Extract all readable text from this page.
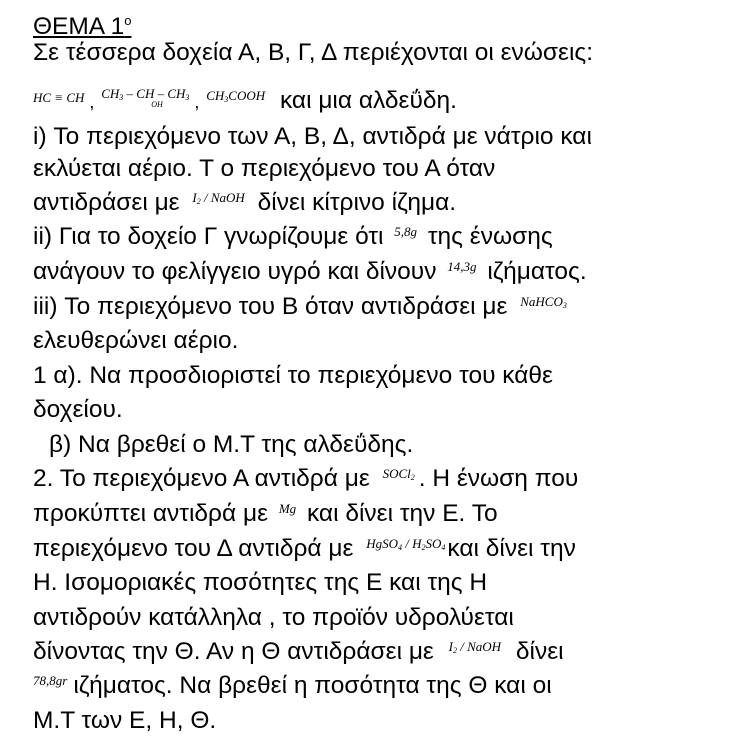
ΘΕΜΑ $1^o$
Σε τέσσερα δοχεία Α, Β, Γ, Δ περιέχονται οι ενώσεις:
HC ≡ CH , $CH_3$ – CH – $CH_3$
OH , $CH_3COOH$ και μια αλδεΰδη.
i) Το περιεχόμενο των Α, Β, Δ, αντιδρά με νάτριο και
εκλύεται αέριο. Τ ο περιεχόμενο του Α όταν
αντιδράσει με $I_2$ / NaOH δίνει κίτρινο ίζημα.
ii) Για το δοχείο Γ γνωρίζουμε ότι 5,8g της ένωσης
ανάγουν το φελίγγειο υγρό και δίνουν 14,3g ιζήματος.
iii) Το περιεχόμενο του Β όταν αντιδράσει με NaHCO$_3$
ελευθερώνει αέριο.
1 α). Να προσδιοριστεί το περιεχόμενο του κάθε
δοχείου.
β) Να βρεθεί ο Μ.Τ της αλδεΰδης.
2. Το περιεχόμενο Α αντιδρά με SOCl$_2$ . Η ένωση που
προκύπτει αντιδρά με Mg και δίνει την Ε. Το
περιεχόμενο του Δ αντιδρά με HgSO$_4$ / $H_2SO_4\kappa\alpha\iota$ δίνει την
Η. Ισομοριακές ποσότητες της Ε και της Η
αντιδρούν κατάλληλα , το προϊόν υδρολύεται
δίνοντας την Θ. Αν η Θ αντιδράσει με $I_2$ / NaOH δίνει
78,8gr ιζήματος. Να βρεθεί η ποσότητα της Θ και οι
Μ.Τ των Ε, Η, Θ.
